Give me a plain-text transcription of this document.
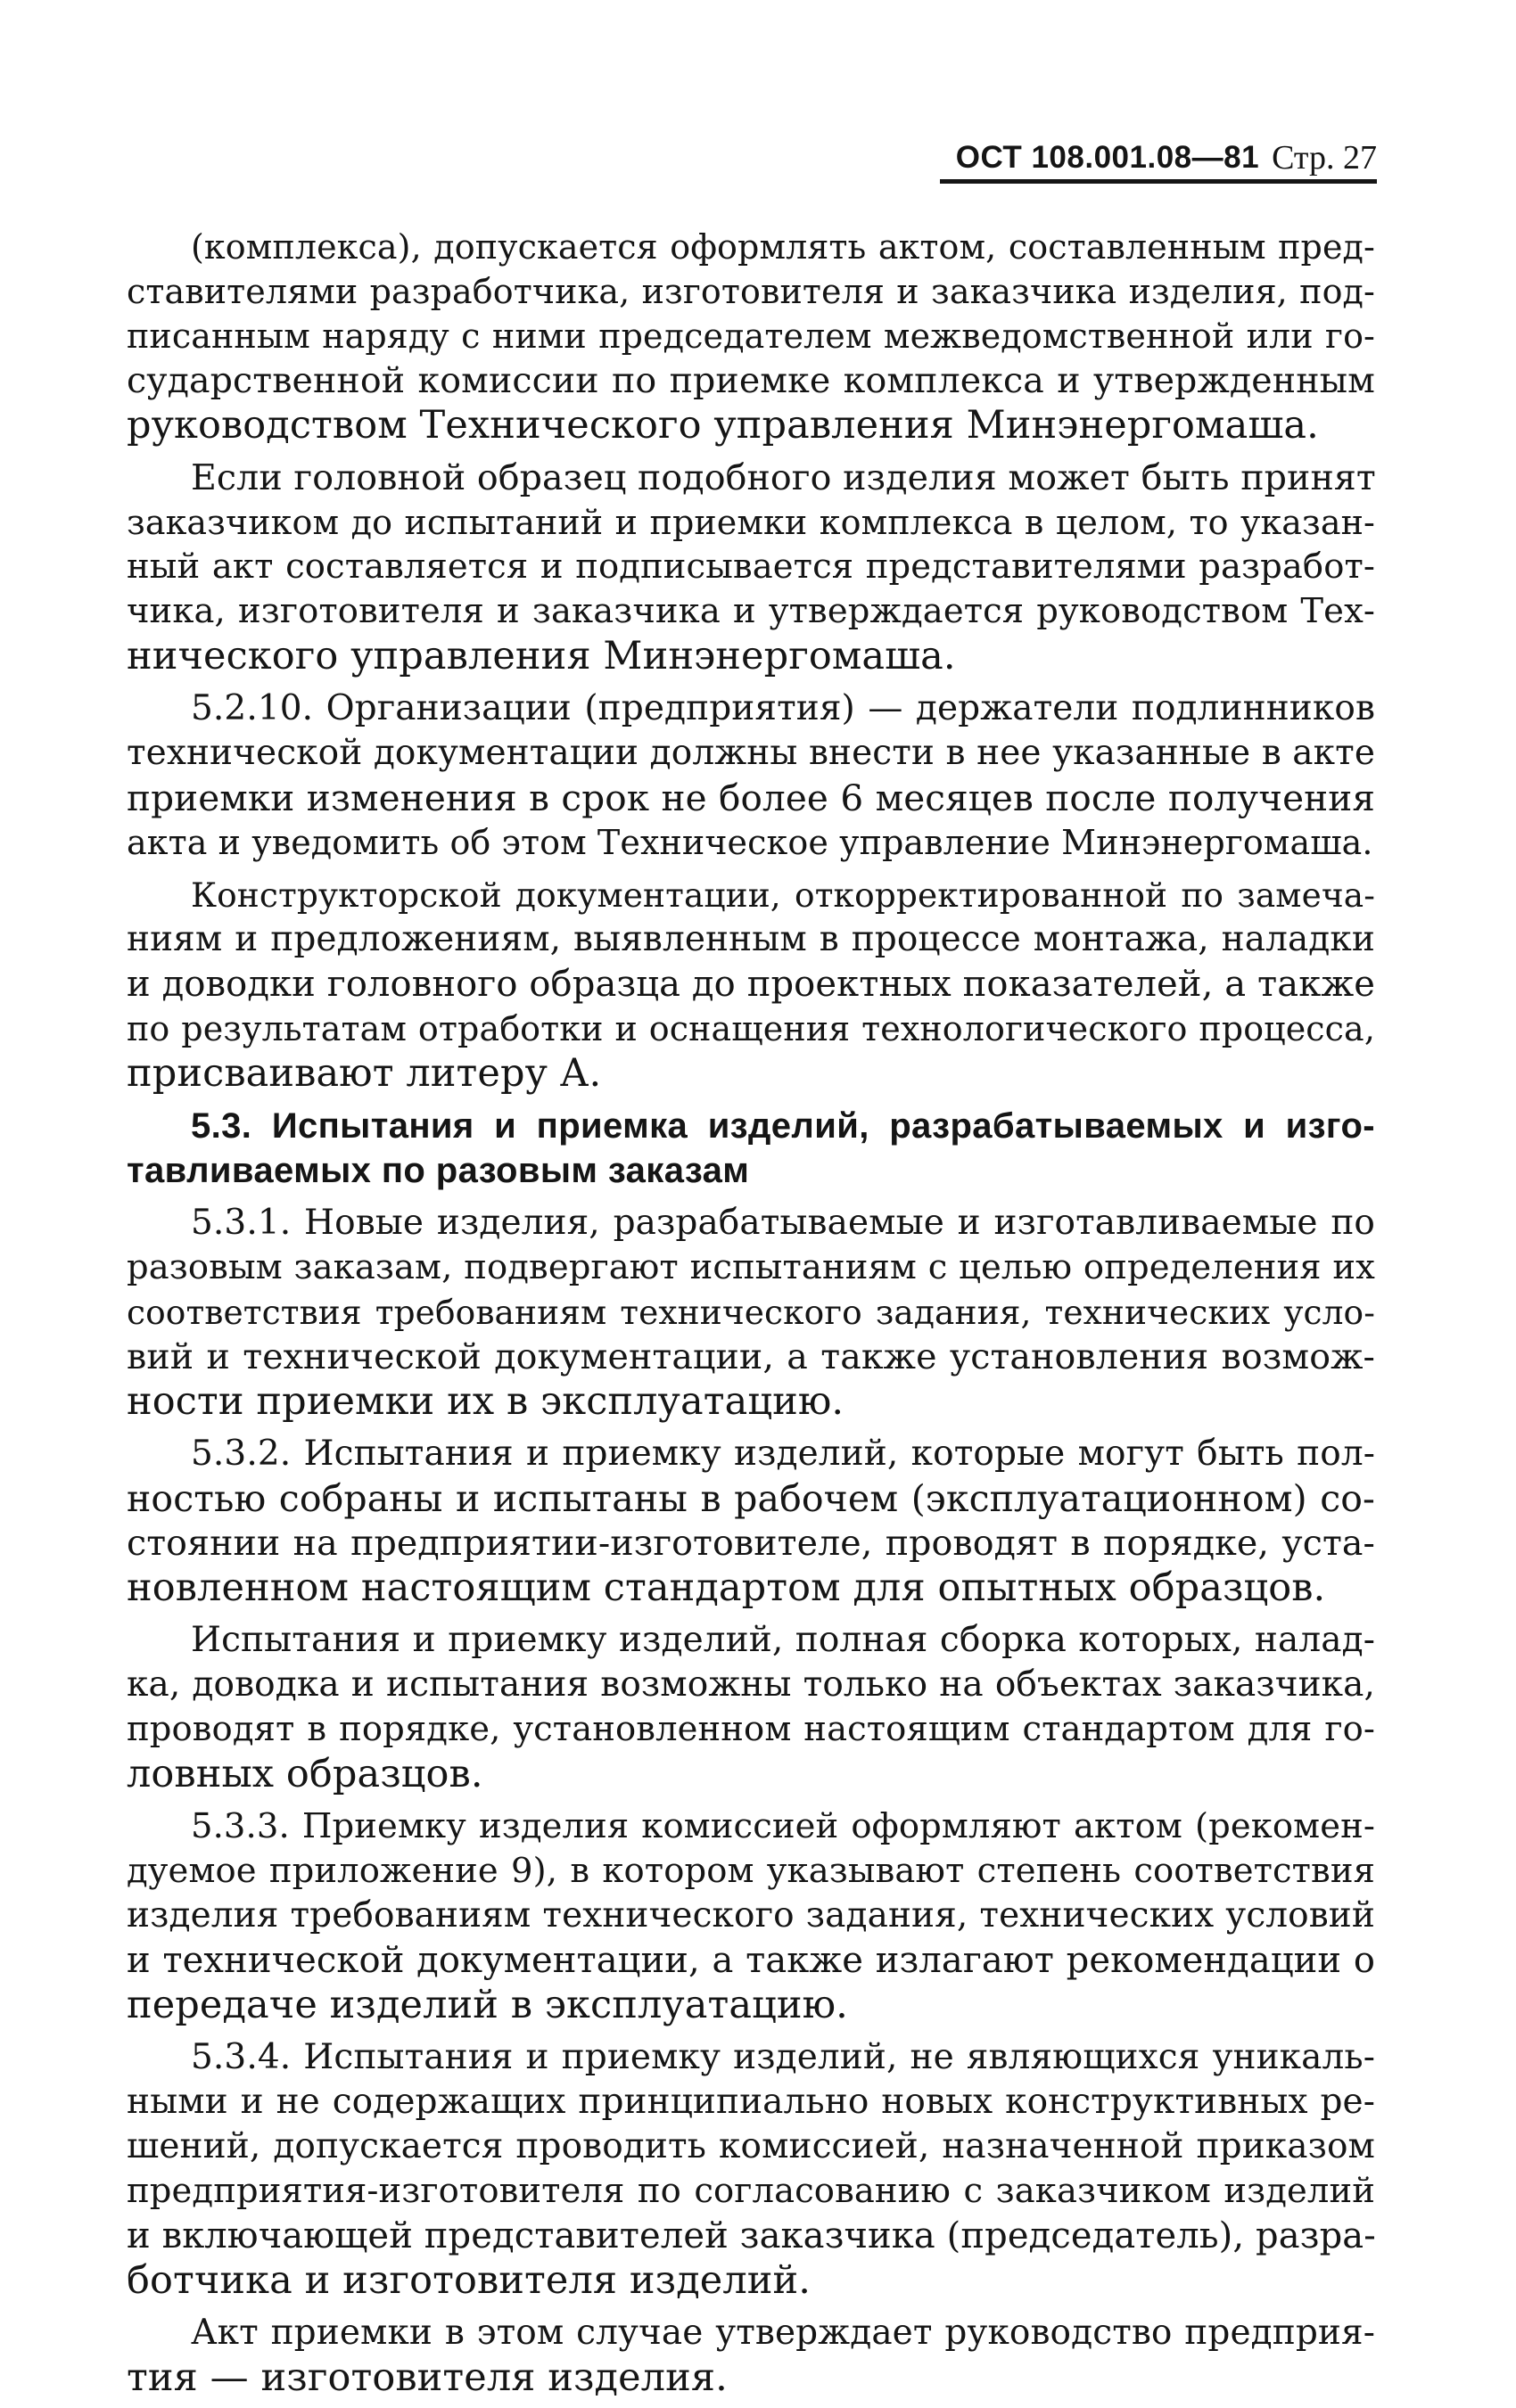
ОСТ 108.001.08—81 Стр. 27
(комплекса), допускается оформлять актом, составленным пред-
ставителями разработчика, изготовителя и заказчика изделия, под-
писанным наряду с ними председателем межведомственной или го-
сударственной комиссии по приемке комплекса и утвержденным
руководством Технического управления Минэнергомаша.
Если головной образец подобного изделия может быть принят
заказчиком до испытаний и приемки комплекса в целом, то указан-
ный акт составляется и подписывается представителями разработ-
чика, изготовителя и заказчика и утверждается руководством Тех-
нического управления Минэнергомаша.
5.2.10. Организации (предприятия) — держатели подлинников
технической документации должны внести в нее указанные в акте
приемки изменения в срок не более 6 месяцев после получения
акта и уведомить об этом Техническое управление Минэнергомаша.
Конструкторской документации, откорректированной по замеча-
ниям и предложениям, выявленным в процессе монтажа, наладки
и доводки головного образца до проектных показателей, а также
по результатам отработки и оснащения технологического процесса,
присваивают литеру А.
5.3. Испытания и приемка изделий, разрабатываемых и изго-
тавливаемых по разовым заказам
5.3.1. Новые изделия, разрабатываемые и изготавливаемые по
разовым заказам, подвергают испытаниям с целью определения их
соответствия требованиям технического задания, технических усло-
вий и технической документации, а также установления возмож-
ности приемки их в эксплуатацию.
5.3.2. Испытания и приемку изделий, которые могут быть пол-
ностью собраны и испытаны в рабочем (эксплуатационном) со-
стоянии на предприятии-изготовителе, проводят в порядке, уста-
новленном настоящим стандартом для опытных образцов.
Испытания и приемку изделий, полная сборка которых, налад-
ка, доводка и испытания возможны только на объектах заказчика,
проводят в порядке, установленном настоящим стандартом для го-
ловных образцов.
5.3.3. Приемку изделия комиссией оформляют актом (рекомен-
дуемое приложение 9), в котором указывают степень соответствия
изделия требованиям технического задания, технических условий
и технической документации, а также излагают рекомендации о
передаче изделий в эксплуатацию.
5.3.4. Испытания и приемку изделий, не являющихся уникаль-
ными и не содержащих принципиально новых конструктивных ре-
шений, допускается проводить комиссией, назначенной приказом
предприятия-изготовителя по согласованию с заказчиком изделий
и включающей представителей заказчика (председатель), разра-
ботчика и изготовителя изделий.
Акт приемки в этом случае утверждает руководство предприя-
тия — изготовителя изделия.
